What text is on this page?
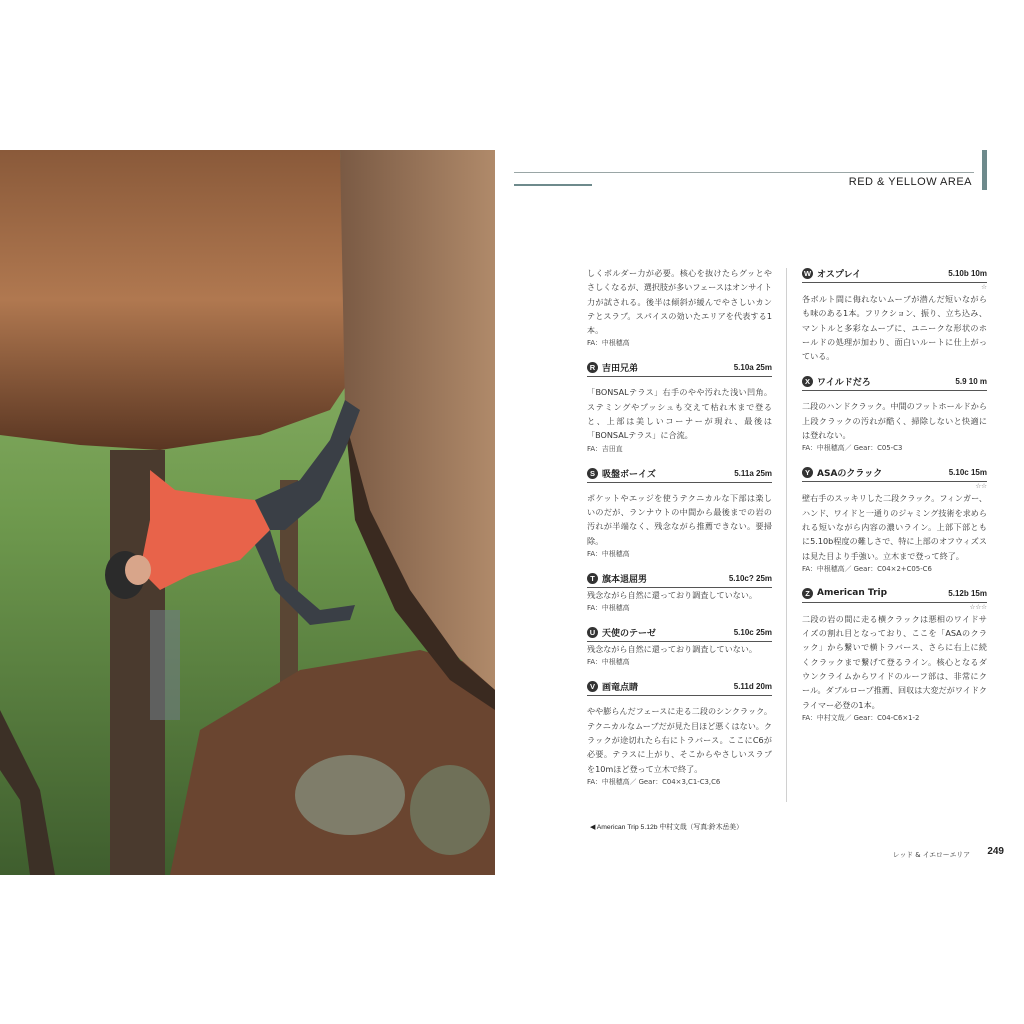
RED & YELLOW AREA

しくボルダー力が必要。核心を抜けたらグッとやさしくなるが、選択肢が多いフェースはオンサイト力が試される。後半は傾斜が緩んでやさしいカンテとスラブ。スパイスの効いたエリアを代表する1本。

FA：中根穂高

R 吉田兄弟	5.10a 25m

「BONSALテラス」右手のやや汚れた浅い凹角。ステミングやプッシュも交えて枯れ木まで登ると、上部は美しいコーナーが現れ、最後は「BONSALテラス」に合流。

FA：吉田直

S 吸盤ボーイズ	5.11a 25m

ポケットやエッジを使うテクニカルな下部は楽しいのだが、ランナウトの中間から最後までの岩の汚れが半端なく、残念ながら推薦できない。要掃除。

FA：中根穂高

T 旗本退屈男	5.10c? 25m

残念ながら自然に還っており調査していない。

FA：中根穂高

U 天使のテーゼ	5.10c 25m

残念ながら自然に還っており調査していない。

FA：中根穂高

V 画竜点睛	5.11d 20m

やや膨らんだフェースに走る二段のシンクラック。テクニカルなムーブだが見た目ほど悪くはない。クラックが途切れたら右にトラバース。ここにC6が必要。テラスに上がり、そこからやさしいスラブを10mほど登って立木で終了。

FA：中根穂高／ Gear：C04×3,C1-C3,C6

W オスプレイ	5.10b 10m
☆

各ボルト間に侮れないムーブが潜んだ短いながらも味のある1本。フリクション、振り、立ち込み、マントルと多彩なムーブに、ユニークな形状のホールドの処理が加わり、面白いルートに仕上がっている。

X ワイルドだろ	5.9 10 m

二段のハンドクラック。中間のフットホールドから上段クラックの汚れが酷く、掃除しないと快適には登れない。

FA：中根穂高／ Gear：C05-C3

Y ASAのクラック	5.10c 15m
☆☆

壁右手のスッキリした二段クラック。フィンガー、ハンド、ワイドと一通りのジャミング技術を求められる短いながら内容の濃いライン。上部下部ともに5.10b程度の難しさで、特に上部のオフウィズスは見た目より手強い。立木まで登って終了。

FA：中根穂高／ Gear：C04×2+C05-C6

Z American Trip	5.12b 15m
☆☆☆

二段の岩の間に走る横クラックは悪相のワイドサイズの割れ目となっており、ここを「ASAのクラック」から繋いで横トラバース、さらに右上に続くクラックまで繋げて登るライン。核心となるダウンクライムからワイドのルーフ部は、非常にクール。ダブルロープ推薦、回収は大変だがワイドクライマー必登の1本。

FA：中村文哉／ Gear：C04-C6×1-2

◀ American Trip 5.12b 中村文哉（写真:鈴木岳美）
レッド & イエローエリア 249
